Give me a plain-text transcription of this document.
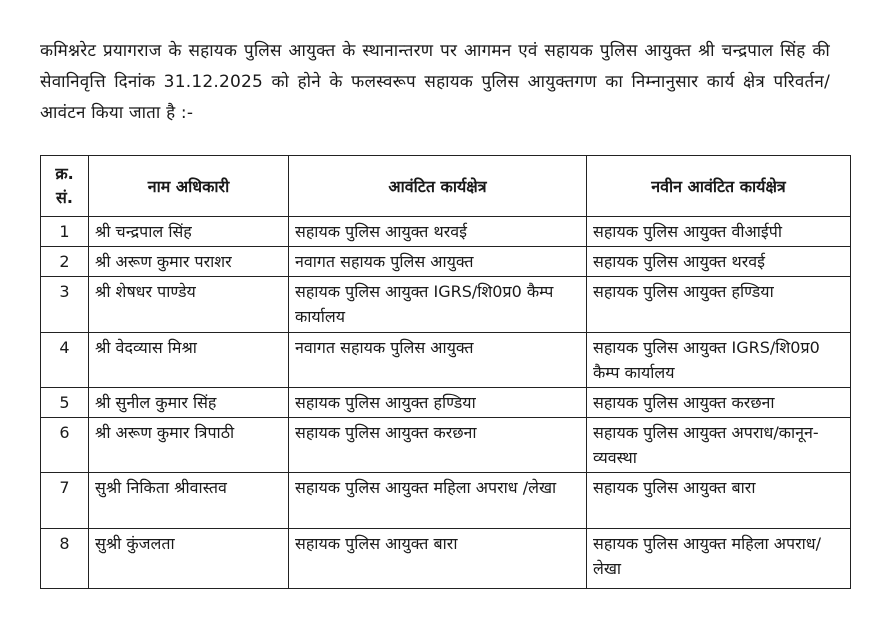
कमिश्नरेट प्रयागराज के सहायक पुलिस आयुक्त के स्थानान्तरण पर आगमन एवं सहायक पुलिस आयुक्त श्री चन्द्रपाल सिंह की सेवानिवृत्ति दिनांक 31.12.2025 को होने के फलस्वरूप सहायक पुलिस आयुक्तगण का निम्नानुसार कार्य क्षेत्र परिवर्तन/आवंटन किया जाता है :-
क्र.
सं.	नाम अधिकारी	आवंटित कार्यक्षेत्र	नवीन आवंटित कार्यक्षेत्र
1	श्री चन्द्रपाल सिंह	सहायक पुलिस आयुक्त थरवई	सहायक पुलिस आयुक्त वीआईपी
2	श्री अरूण कुमार पराशर	नवागत सहायक पुलिस आयुक्त	सहायक पुलिस आयुक्त थरवई
3	श्री शेषधर पाण्डेय	सहायक पुलिस आयुक्त IGRS/शि0प्र0 कैम्प कार्यालय	सहायक पुलिस आयुक्त हण्डिया
4	श्री वेदव्यास मिश्रा	नवागत सहायक पुलिस आयुक्त	सहायक पुलिस आयुक्त IGRS/शि0प्र0 कैम्प कार्यालय
5	श्री सुनील कुमार सिंह	सहायक पुलिस आयुक्त हण्डिया	सहायक पुलिस आयुक्त करछना
6	श्री अरूण कुमार त्रिपाठी	सहायक पुलिस आयुक्त करछना	सहायक पुलिस आयुक्त अपराध/कानून-व्यवस्था
7	सुश्री निकिता श्रीवास्तव	सहायक पुलिस आयुक्त महिला अपराध /लेखा	सहायक पुलिस आयुक्त बारा
8	सुश्री कुंजलता	सहायक पुलिस आयुक्त बारा	सहायक पुलिस आयुक्त महिला अपराध/लेखा
